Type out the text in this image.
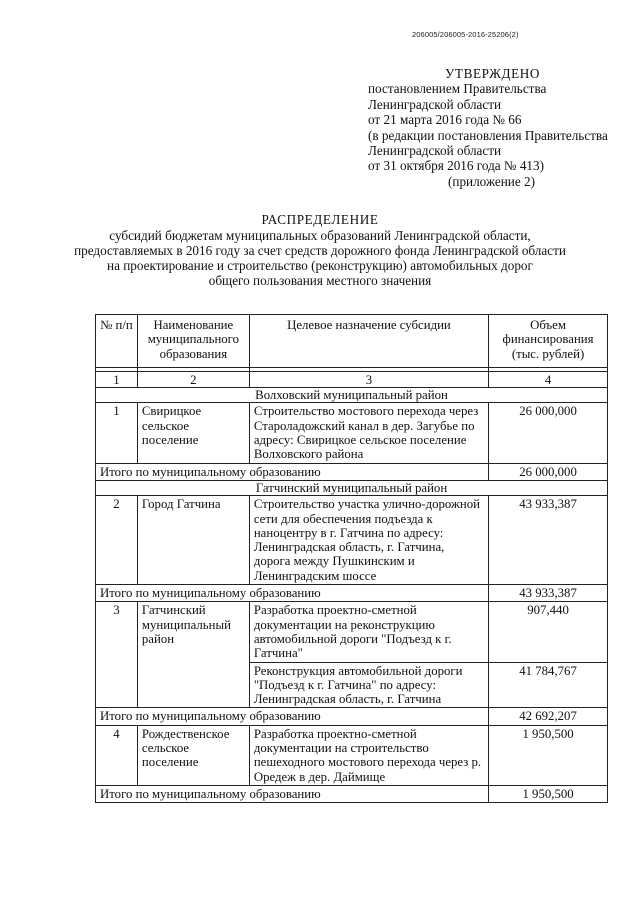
206005/206005-2016-25206(2)
УТВЕРЖДЕНО
постановлением Правительства
Ленинградской области
от 21 марта 2016 года № 66
(в редакции постановления Правительства
Ленинградской области
от 31 октября 2016 года № 413)
(приложение 2)
РАСПРЕДЕЛЕНИЕ
субсидий бюджетам муниципальных образований Ленинградской области,
предоставляемых в 2016 году за счет средств дорожного фонда Ленинградской области
на проектирование и строительство (реконструкцию) автомобильных дорог
общего пользования местного значения
№ п/п	Наименование муниципального образования	Целевое назначение субсидии	Объем финансирования (тыс. рублей)

1	2	3	4
Волховский муниципальный район			
1	Свирицкое сельское поселение	Строительство мостового перехода через Староладожский канал в дер. Загубье по адресу: Свирицкое сельское поселение Волховского района	26 000,000
Итого по муниципальному образованию			26 000,000
Гатчинский муниципальный район			
2	Город Гатчина	Строительство участка улично-дорожной сети для обеспечения подъезда к наноцентру в г. Гатчина по адресу: Ленинградская область, г. Гатчина, дорога между Пушкинским и Ленинградским шоссе	43 933,387
Итого по муниципальному образованию			43 933,387
3	Гатчинский муниципальный район	Разработка проектно-сметной документации на реконструкцию автомобильной дороги "Подъезд к г. Гатчина"	907,440
		Реконструкция автомобильной дороги "Подъезд к г. Гатчина" по адресу: Ленинградская область, г. Гатчина	41 784,767
Итого по муниципальному образованию			42 692,207
4	Рождественское сельское поселение	Разработка проектно-сметной документации на строительство пешеходного мостового перехода через р. Оредеж в дер. Даймище	1 950,500
Итого по муниципальному образованию			1 950,500
